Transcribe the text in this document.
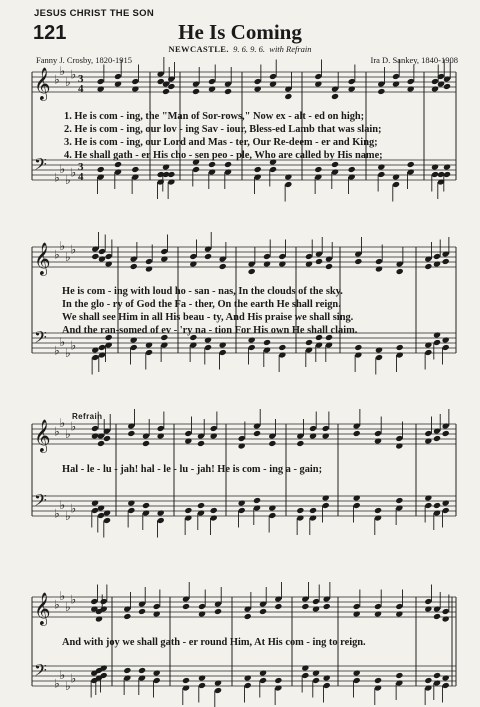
JESUS CHRIST THE SON
121	He Is Coming
NEWCASTLE. 9. 6. 9. 6. with Refrain
Fanny J. Crosby, 1820-1915	Ira D. Sankey, 1840-1908
𝄞 ♭
♭
♭
♭ 3
4
𝄢 ♭
♭
♭
♭ 3
4
𝄞 ♭
♭
♭
♭
𝄢 ♭
♭
♭
♭
𝄞 ♭
♭
♭
♭
𝄢 ♭
♭
♭
♭
𝄞 ♭
♭
♭
♭
𝄢 ♭
♭
♭
♭
Refrain
1. He is com - ing, the "Man of Sor-rows," Now ex - alt - ed on high;
2. He is com - ing, our lov - ing Sav - iour, Bless-ed Lamb that was slain;
3. He is com - ing, our Lord and Mas - ter, Our Re-deem - er and King;
4. He shall gath - er His cho - sen peo - ple, Who are called by His name;
He is com - ing with loud ho - san - nas, In the clouds of the sky.
In the glo - ry of God the Fa - ther, On the earth He shall reign.
We shall see Him in all His beau - ty, And His praise we shall sing.
And the ran-somed of ev - 'ry na - tion For His own He shall claim.
Hal - le - lu - jah! hal - le - lu - jah! He is com - ing a - gain;
And with joy we shall gath - er round Him, At His com - ing to reign.
